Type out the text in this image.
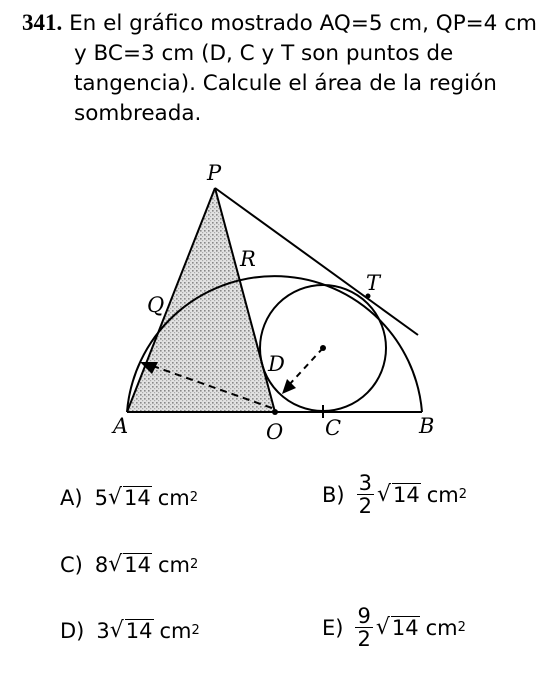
341. En el gráfico mostrado AQ=5 cm, QP=4 cm
y BC=3 cm (D, C y T son puntos de
tangencia). Calcule el área de la región
sombreada.
P
R
T
Q
D
A	O C	B
A) 5 √ 14 cm 2	$B) \frac{3}{2}$ √ 14 cm 2
C) 8 √ 14 cm 2
D) 3 √ 14 cm 2	$E) \frac{9}{2}$ √ 14 cm 2
